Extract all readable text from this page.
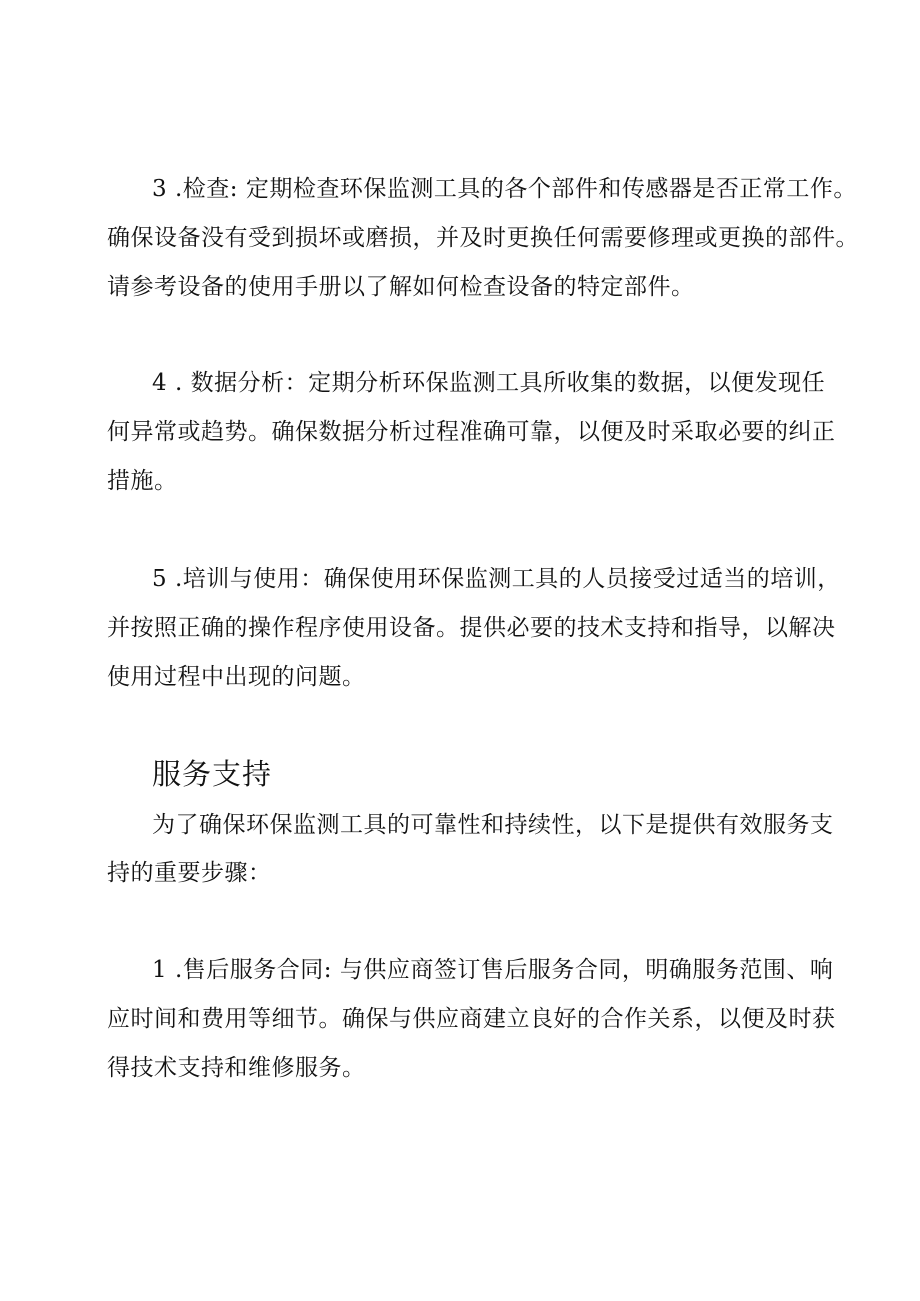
3 .检查: 定期检查环保监测工具的各个部件和传感器是否正常工作。
确保设备没有受到损坏或磨损，并及时更换任何需要修理或更换的部件。
请参考设备的使用手册以了解如何检查设备的特定部件。
4 . 数据分析：定期分析环保监测工具所收集的数据，以便发现任
何异常或趋势。确保数据分析过程准确可靠，以便及时采取必要的纠正
措施。
5 .培训与使用：确保使用环保监测工具的人员接受过适当的培训，
并按照正确的操作程序使用设备。提供必要的技术支持和指导，以解决
使用过程中出现的问题。
服务支持
为了确保环保监测工具的可靠性和持续性，以下是提供有效服务支
持的重要步骤：
1 .售后服务合同: 与供应商签订售后服务合同，明确服务范围、响
应时间和费用等细节。确保与供应商建立良好的合作关系，以便及时获
得技术支持和维修服务。
